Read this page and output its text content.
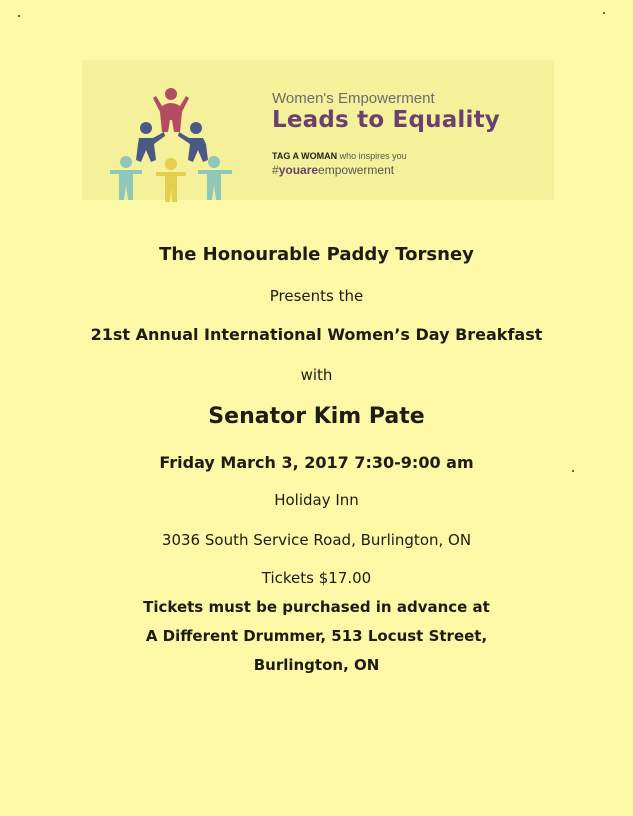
Women's Empowerment
Leads to Equality
TAG A WOMAN who inspires you
#youareempowerment
The Honourable Paddy Torsney
Presents the
21st Annual International Women’s Day Breakfast
with
Senator Kim Pate
Friday March 3, 2017 7:30-9:00 am
Holiday Inn
3036 South Service Road, Burlington, ON
Tickets $17.00
Tickets must be purchased in advance at
A Different Drummer, 513 Locust Street,
Burlington, ON
